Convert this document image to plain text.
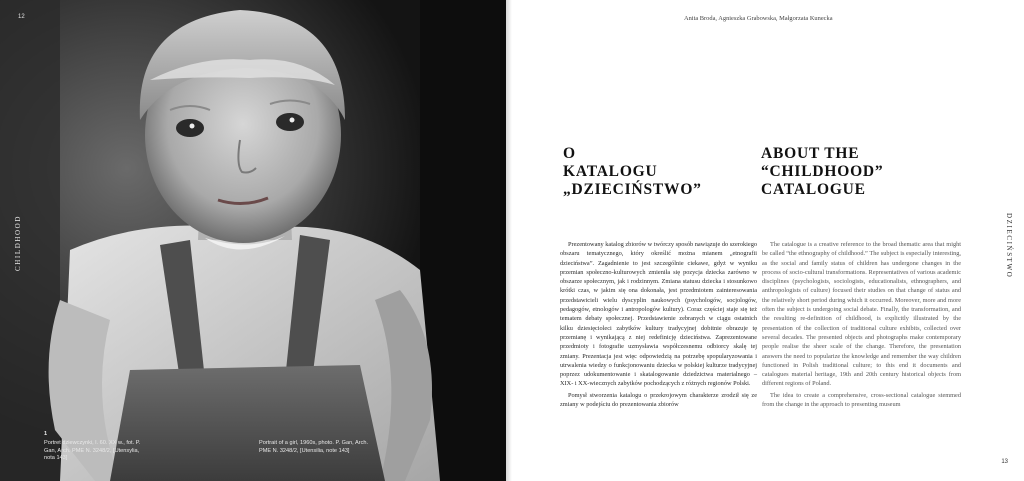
12
CHILDHOOD
1
Portret dziewczynki, l. 60. XX w., fot. P. Gan, Arch. PME N. 3248/2, [Utensylia, nota 143]
Portrait of a girl, 1960s, photo. P. Gan, Arch. PME N. 3248/2, [Utensilia, note 143]
Anita Broda, Agnieszka Grabowska, Małgorzata Kunecka
O
KATALOGU
„DZIECIŃSTWO”
ABOUT THE
“CHILDHOOD”
CATALOGUE

Prezentowany katalog zbiorów w twórczy sposób nawiązuje do szerokiego obszaru tematycznego, który określić można mianem „etnografii dzieciństwa”. Zagadnienie to jest szczególnie ciekawe, gdyż w wyniku przemian społeczno-kulturowych zmieniła się pozycja dziecka zarówno w obszarze społecznym, jak i rodzinnym. Zmiana statusu dziecka i stosunkowo krótki czas, w jakim się ona dokonała, jest przedmiotem zainteresowania przedstawicieli wielu dyscyplin naukowych (psychologów, socjologów, pedagogów, etnologów i antropologów kultury). Coraz częściej staje się też tematem debaty społecznej. Przedstawienie zebranych w ciągu ostatnich kilku dziesięcioleci zabytków kultury tradycyjnej dobitnie obrazuje tę przemianę i wynikającą z niej redefinicję dzieciństwa. Zaprezentowane przedmioty i fotografie uzmysławia współczesnemu odbiorcy skalę tej zmiany. Prezentacja jest więc odpowiedzią na potrzebę spopularyzowania i utrwalenia wiedzy o funkcjonowaniu dziecka w polskiej kulturze tradycyjnej poprzez udokumentowanie i skatalogowanie dziedzictwa materialnego – XIX- i XX-wiecznych zabytków pochodzących z różnych regionów Polski.

Pomysł stworzenia katalogu o przekrojowym charakterze zrodził się ze zmiany w podejściu do prezentowania zbiorów

The catalogue is a creative reference to the broad thematic area that might be called “the ethnography of childhood.” The subject is especially interesting, as the social and family status of children has undergone changes in the process of socio-cultural transformations. Representatives of various academic disciplines (psychologists, sociologists, educationalists, ethnographers, and anthropologists of culture) focused their studies on that change of status and the relatively short period during which it occurred. Moreover, more and more often the subject is undergoing social debate. Finally, the transformation, and the resulting re-definition of childhood, is explicitly illustrated by the presentation of the collection of traditional culture exhibits, collected over several decades. The presented objects and photographs make contemporary people realise the sheer scale of the change. Therefore, the presentation answers the need to popularize the knowledge and remember the way children functioned in Polish traditional culture; to this end it documents and catalogues material heritage, 19th and 20th century historical objects from different regions of Poland.

The idea to create a comprehensive, cross-sectional catalogue stemmed from the change in the approach to presenting museum

DZIECIŃSTWO
13
